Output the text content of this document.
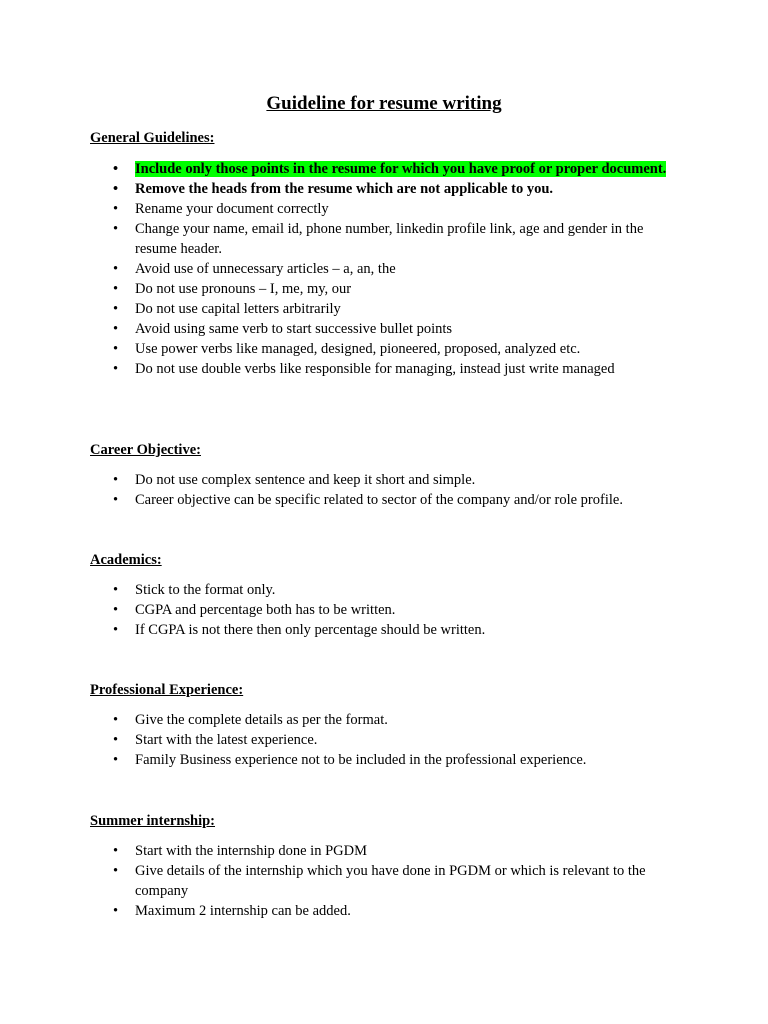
Guideline for resume writing

General Guidelines:

• Include only those points in the resume for which you have proof or proper document.
• Remove the heads from the resume which are not applicable to you.
• Rename your document correctly
• Change your name, email id, phone number, linkedin profile link, age and gender in the resume header.
• Avoid use of unnecessary articles – a, an, the
• Do not use pronouns – I, me, my, our
• Do not use capital letters arbitrarily
• Avoid using same verb to start successive bullet points
• Use power verbs like managed, designed, pioneered, proposed, analyzed etc.
• Do not use double verbs like responsible for managing, instead just write managed

Career Objective:

• Do not use complex sentence and keep it short and simple.
• Career objective can be specific related to sector of the company and/or role profile.

Academics:

• Stick to the format only.
• CGPA and percentage both has to be written.
• If CGPA is not there then only percentage should be written.

Professional Experience:

• Give the complete details as per the format.
• Start with the latest experience.
• Family Business experience not to be included in the professional experience.

Summer internship:

• Start with the internship done in PGDM
• Give details of the internship which you have done in PGDM or which is relevant to the company
• Maximum 2 internship can be added.
